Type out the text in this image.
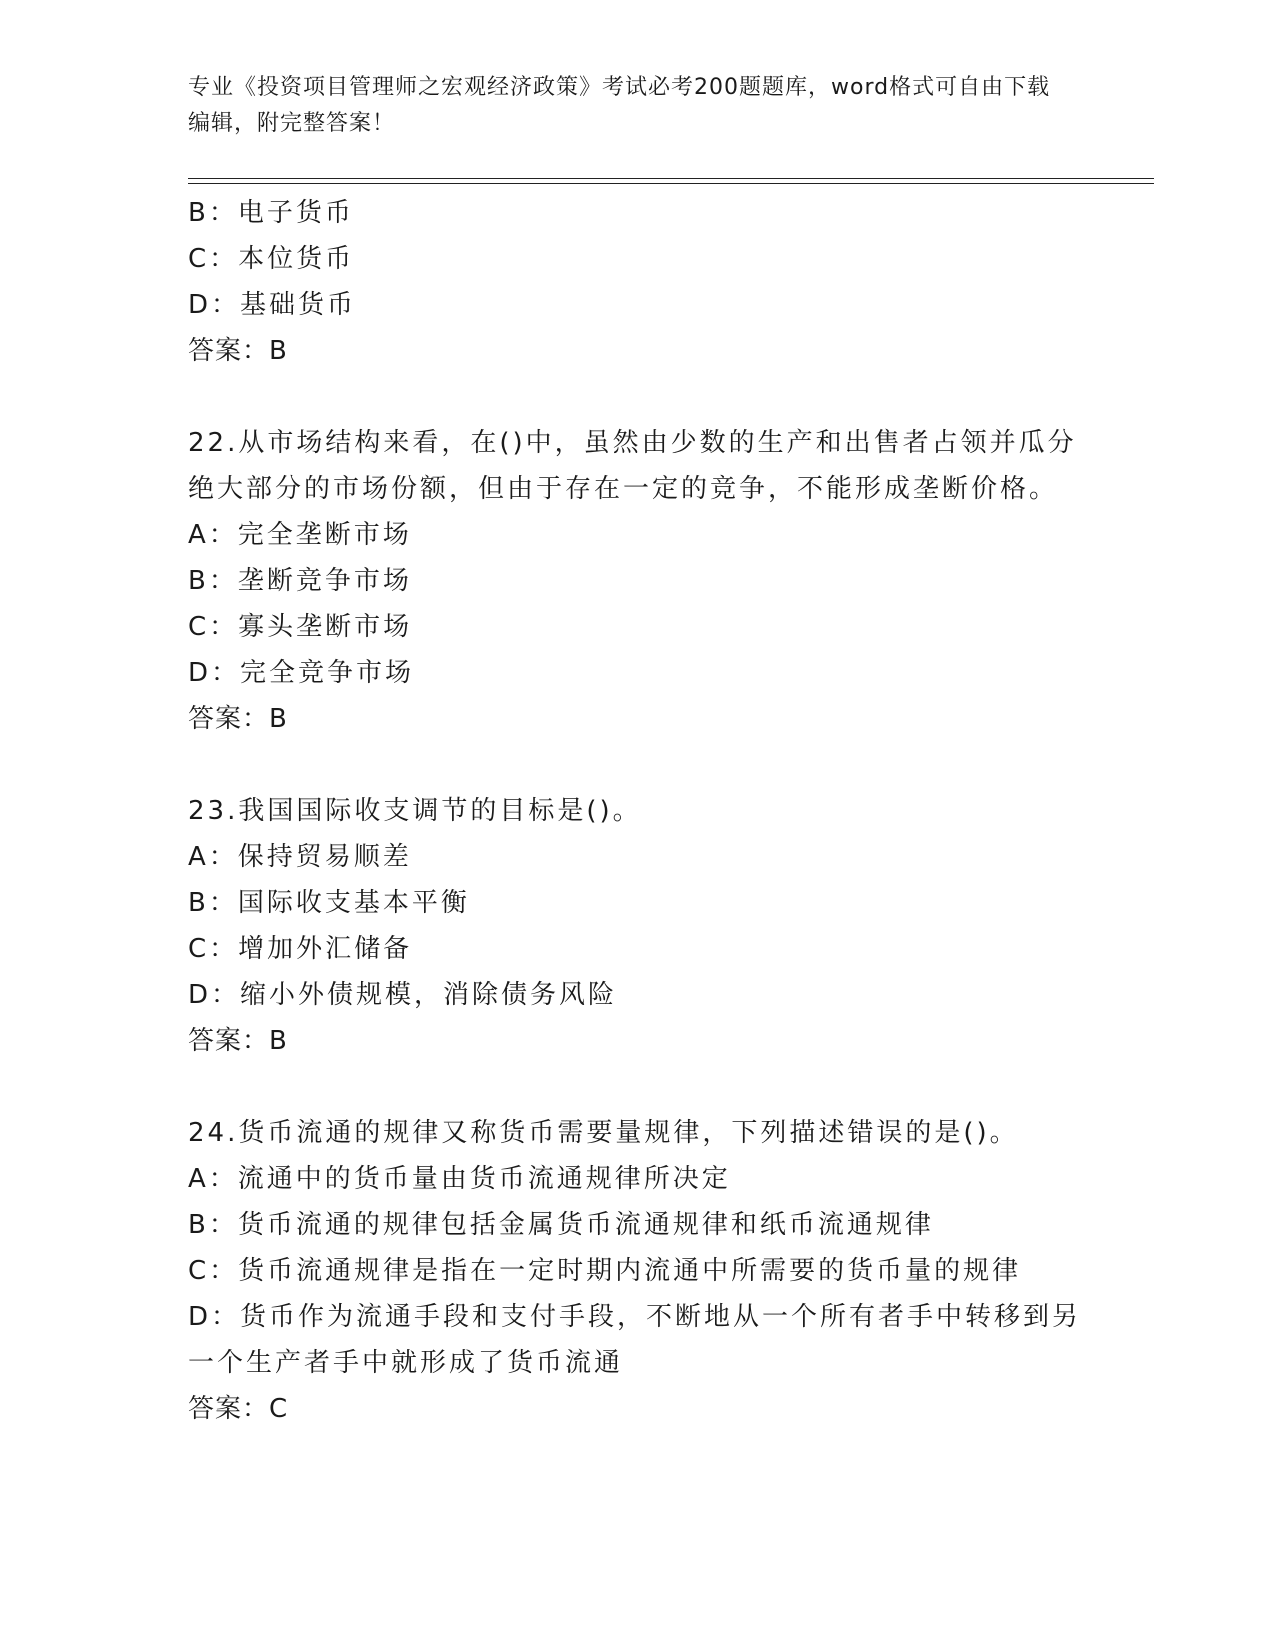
专业《投资项目管理师之宏观经济政策》考试必考200题题库，word格式可自由下载编辑，附完整答案！
B：电子货币
C：本位货币
D：基础货币
答案：B
22.从市场结构来看，在()中，虽然由少数的生产和出售者占领并瓜分
绝大部分的市场份额，但由于存在一定的竞争，不能形成垄断价格。
A：完全垄断市场
B：垄断竞争市场
C：寡头垄断市场
D：完全竞争市场
答案：B
23.我国国际收支调节的目标是()。
A：保持贸易顺差
B：国际收支基本平衡
C：增加外汇储备
D：缩小外债规模，消除债务风险
答案：B
24.货币流通的规律又称货币需要量规律，下列描述错误的是()。
A：流通中的货币量由货币流通规律所决定
B：货币流通的规律包括金属货币流通规律和纸币流通规律
C：货币流通规律是指在一定时期内流通中所需要的货币量的规律
D：货币作为流通手段和支付手段，不断地从一个所有者手中转移到另
一个生产者手中就形成了货币流通
答案：C
